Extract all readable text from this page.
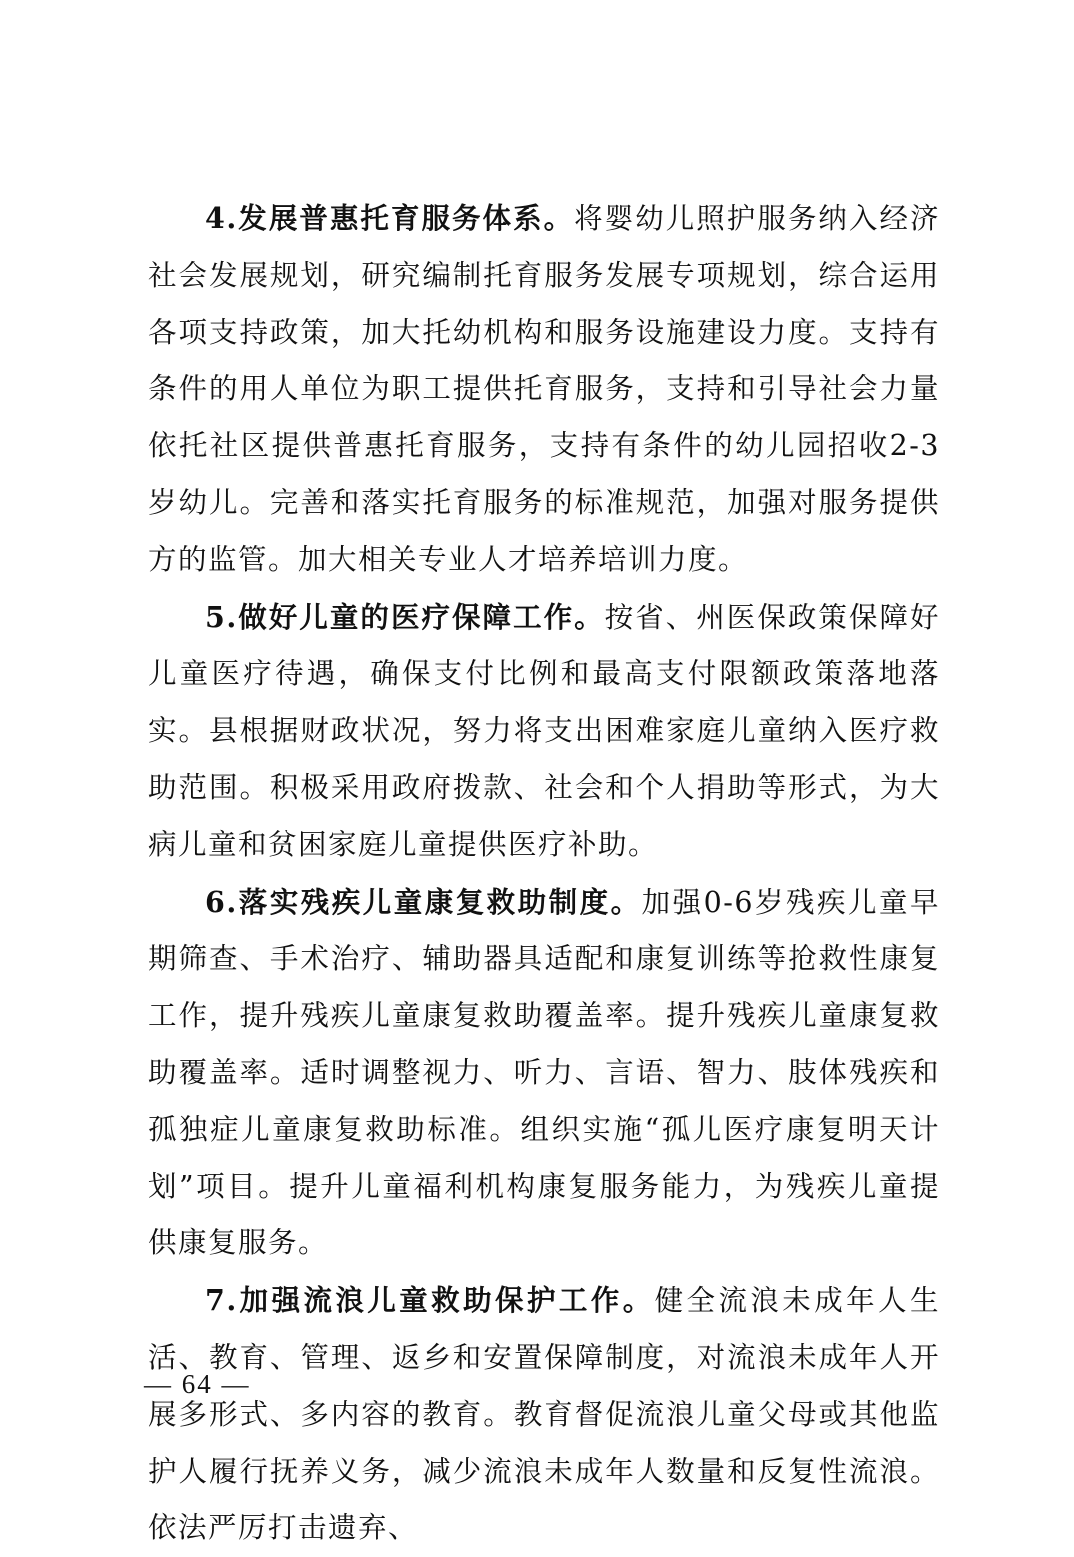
4.发展普惠托育服务体系。将婴幼儿照护服务纳入经济社会发展规划，研究编制托育服务发展专项规划，综合运用各项支持政策，加大托幼机构和服务设施建设力度。支持有条件的用人单位为职工提供托育服务，支持和引导社会力量依托社区提供普惠托育服务，支持有条件的幼儿园招收2-3岁幼儿。完善和落实托育服务的标准规范，加强对服务提供方的监管。加大相关专业人才培养培训力度。

5.做好儿童的医疗保障工作。按省、州医保政策保障好儿童医疗待遇，确保支付比例和最高支付限额政策落地落实。县根据财政状况，努力将支出困难家庭儿童纳入医疗救助范围。积极采用政府拨款、社会和个人捐助等形式，为大病儿童和贫困家庭儿童提供医疗补助。

6.落实残疾儿童康复救助制度。加强0-6岁残疾儿童早期筛查、手术治疗、辅助器具适配和康复训练等抢救性康复工作，提升残疾儿童康复救助覆盖率。提升残疾儿童康复救助覆盖率。适时调整视力、听力、言语、智力、肢体残疾和孤独症儿童康复救助标准。组织实施“孤儿医疗康复明天计划”项目。提升儿童福利机构康复服务能力，为残疾儿童提供康复服务。

7.加强流浪儿童救助保护工作。健全流浪未成年人生活、教育、管理、返乡和安置保障制度，对流浪未成年人开展多形式、多内容的教育。教育督促流浪儿童父母或其他监护人履行抚养义务，减少流浪未成年人数量和反复性流浪。依法严厉打击遗弃、

— 64 —
